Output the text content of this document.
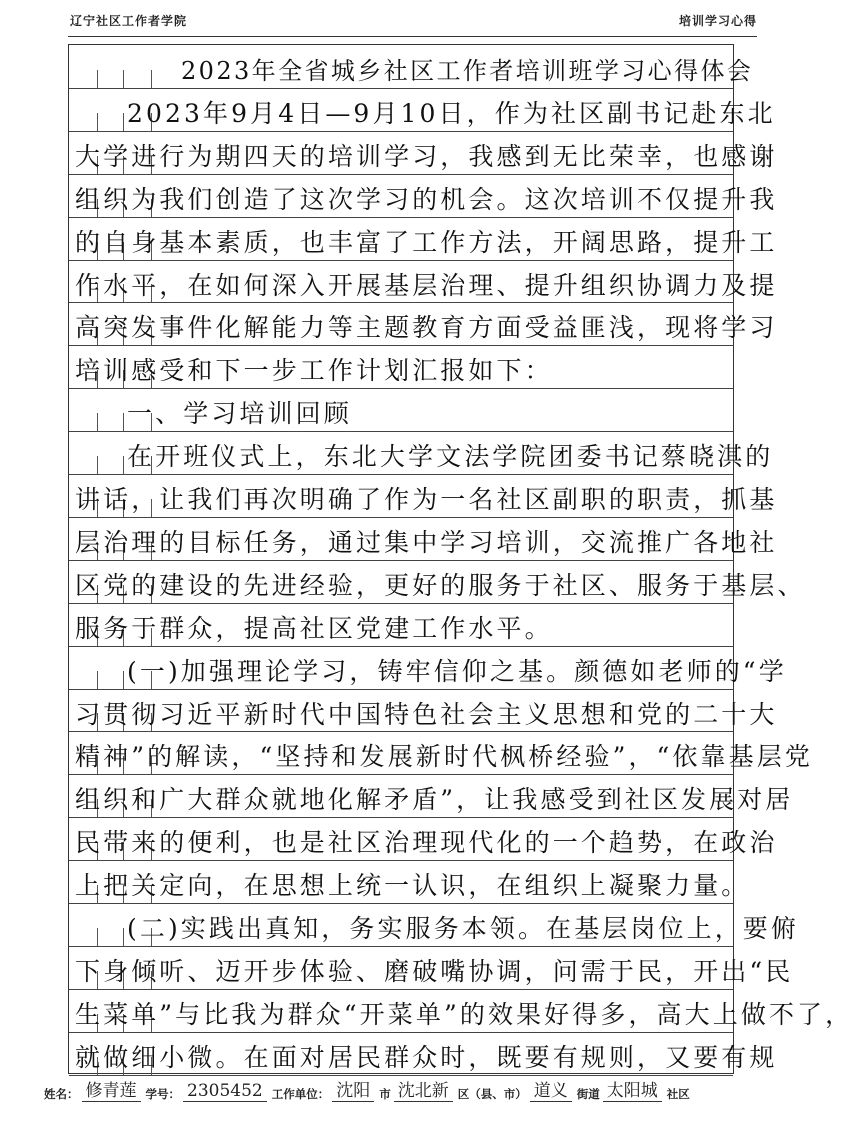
辽宁社区工作者学院	培训学习心得
2023年全省城乡社区工作者培训班学习心得体会
2023年9月4日—9月10日，作为社区副书记赴东北
大学进行为期四天的培训学习，我感到无比荣幸，也感谢
组织为我们创造了这次学习的机会。这次培训不仅提升我
的自身基本素质，也丰富了工作方法，开阔思路，提升工
作水平，在如何深入开展基层治理、提升组织协调力及提
高突发事件化解能力等主题教育方面受益匪浅，现将学习
培训感受和下一步工作计划汇报如下：
一、学习培训回顾
在开班仪式上，东北大学文法学院团委书记蔡晓淇的
讲话，让我们再次明确了作为一名社区副职的职责，抓基
层治理的目标任务，通过集中学习培训，交流推广各地社
区党的建设的先进经验，更好的服务于社区、服务于基层、
服务于群众，提高社区党建工作水平。
(一)加强理论学习，铸牢信仰之基。颜德如老师的“学
习贯彻习近平新时代中国特色社会主义思想和党的二十大
精神”的解读，“坚持和发展新时代枫桥经验”，“依靠基层党
组织和广大群众就地化解矛盾”，让我感受到社区发展对居
民带来的便利，也是社区治理现代化的一个趋势，在政治
上把关定向，在思想上统一认识，在组织上凝聚力量。
(二)实践出真知，务实服务本领。在基层岗位上，要俯
下身倾听、迈开步体验、磨破嘴协调，问需于民，开出“民
生菜单”与比我为群众“开菜单”的效果好得多，高大上做不了，
就做细小微。在面对居民群众时，既要有规则，又要有规
姓名： 修青莲 学号： 2305452 工作单位： 沈阳 市 沈北新 区（县、市） 道义 街道 太阳城 社区
